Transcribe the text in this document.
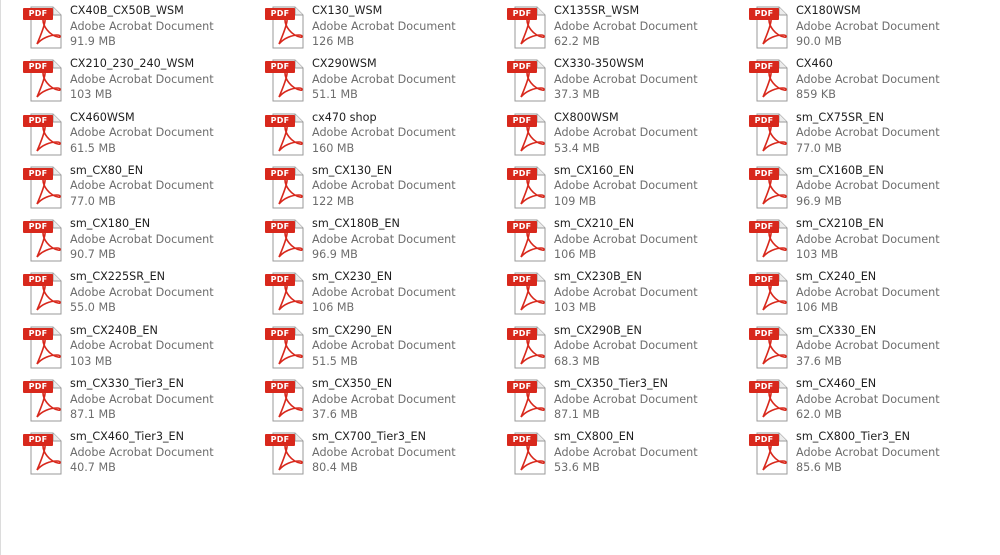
PDF	CX40B_CX50B_WSM
Adobe Acrobat Document
91.9 MB
PDF	CX130_WSM
Adobe Acrobat Document
126 MB
PDF	CX135SR_WSM
Adobe Acrobat Document
62.2 MB
PDF	CX180WSM
Adobe Acrobat Document
90.0 MB
PDF	CX210_230_240_WSM
Adobe Acrobat Document
103 MB
PDF	CX290WSM
Adobe Acrobat Document
51.1 MB
PDF	CX330-350WSM
Adobe Acrobat Document
37.3 MB
PDF	CX460
Adobe Acrobat Document
859 KB
PDF	CX460WSM
Adobe Acrobat Document
61.5 MB
PDF	cx470 shop
Adobe Acrobat Document
160 MB
PDF	CX800WSM
Adobe Acrobat Document
53.4 MB
PDF	sm_CX75SR_EN
Adobe Acrobat Document
77.0 MB
PDF	sm_CX80_EN
Adobe Acrobat Document
77.0 MB
PDF	sm_CX130_EN
Adobe Acrobat Document
122 MB
PDF	sm_CX160_EN
Adobe Acrobat Document
109 MB
PDF	sm_CX160B_EN
Adobe Acrobat Document
96.9 MB
PDF	sm_CX180_EN
Adobe Acrobat Document
90.7 MB
PDF	sm_CX180B_EN
Adobe Acrobat Document
96.9 MB
PDF	sm_CX210_EN
Adobe Acrobat Document
106 MB
PDF	sm_CX210B_EN
Adobe Acrobat Document
103 MB
PDF	sm_CX225SR_EN
Adobe Acrobat Document
55.0 MB
PDF	sm_CX230_EN
Adobe Acrobat Document
106 MB
PDF	sm_CX230B_EN
Adobe Acrobat Document
103 MB
PDF	sm_CX240_EN
Adobe Acrobat Document
106 MB
PDF	sm_CX240B_EN
Adobe Acrobat Document
103 MB
PDF	sm_CX290_EN
Adobe Acrobat Document
51.5 MB
PDF	sm_CX290B_EN
Adobe Acrobat Document
68.3 MB
PDF	sm_CX330_EN
Adobe Acrobat Document
37.6 MB
PDF	sm_CX330_Tier3_EN
Adobe Acrobat Document
87.1 MB
PDF	sm_CX350_EN
Adobe Acrobat Document
37.6 MB
PDF	sm_CX350_Tier3_EN
Adobe Acrobat Document
87.1 MB
PDF	sm_CX460_EN
Adobe Acrobat Document
62.0 MB
PDF	sm_CX460_Tier3_EN
Adobe Acrobat Document
40.7 MB
PDF	sm_CX700_Tier3_EN
Adobe Acrobat Document
80.4 MB
PDF	sm_CX800_EN
Adobe Acrobat Document
53.6 MB
PDF	sm_CX800_Tier3_EN
Adobe Acrobat Document
85.6 MB
